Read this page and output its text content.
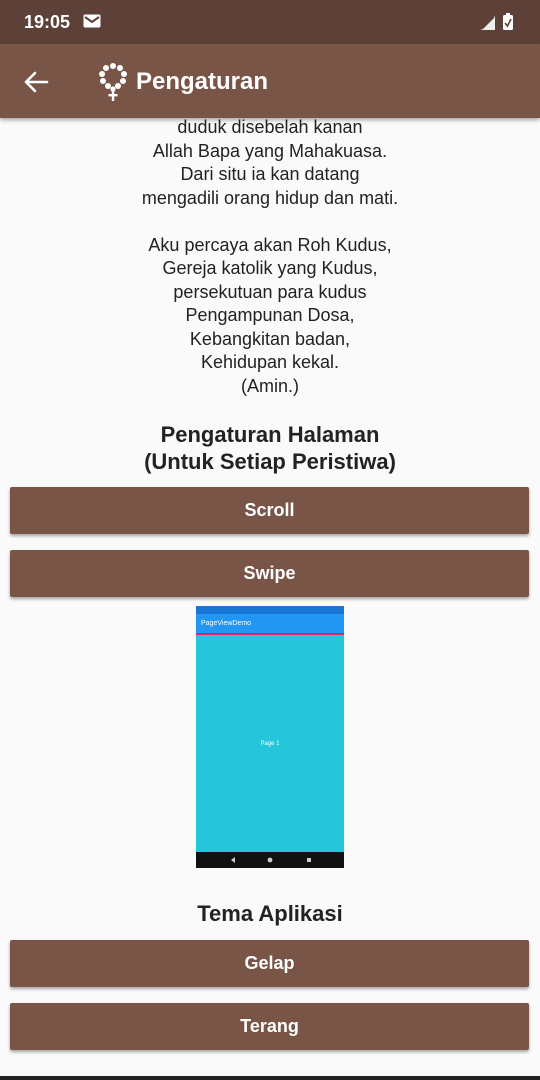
19:05
Pengaturan

duduk disebelah kanan

Allah Bapa yang Mahakuasa.

Dari situ ia kan datang

mengadili orang hidup dan mati.

Aku percaya akan Roh Kudus,

Gereja katolik yang Kudus,

persekutuan para kudus

Pengampunan Dosa,

Kebangkitan badan,

Kehidupan kekal.

(Amin.)

Pengaturan Halaman
(Untuk Setiap Peristiwa)
Scroll
Swipe
PageViewDemo
Page 1
Tema Aplikasi
Gelap
Terang
